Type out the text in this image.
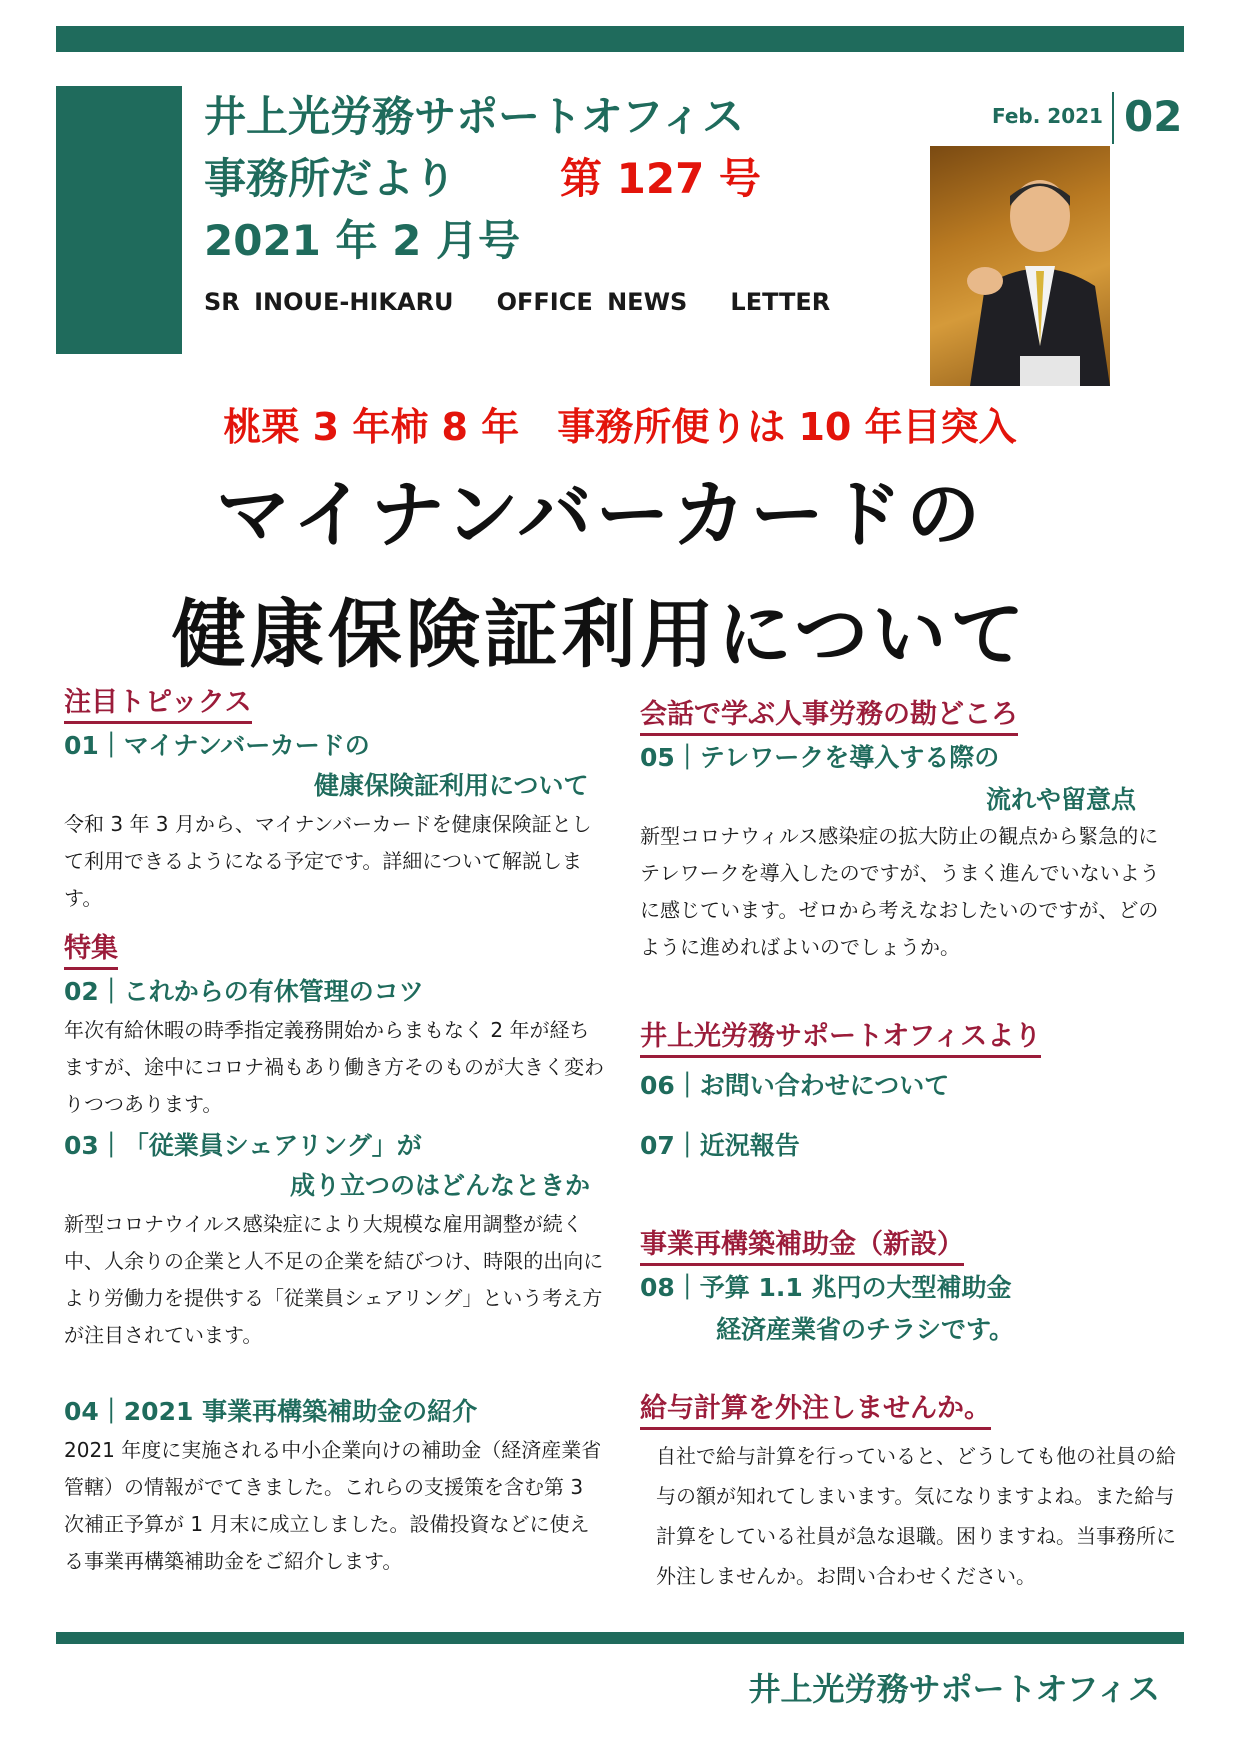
井上光労務サポートオフィス
事務所だより 第 127 号
2021 年 2 月号
SR INOUE-HIKARU   OFFICE NEWS   LETTER
Feb. 2021 02
桃栗 3 年柿 8 年　事務所便りは 10 年目突入
マイナンバーカードの
健康保険証利用について
注目トピックス
01｜マイナンバーカードの
健康保険証利用について
令和 3 年 3 月から、マイナンバーカードを健康保険証として利用できるようになる予定です。詳細について解説します。
特集
02｜これからの有休管理のコツ
年次有給休暇の時季指定義務開始からまもなく 2 年が経ちますが、途中にコロナ禍もあり働き方そのものが大きく変わりつつあります。
03｜「従業員シェアリング」が
成り立つのはどんなときか
新型コロナウイルス感染症により大規模な雇用調整が続く中、人余りの企業と人不足の企業を結びつけ、時限的出向により労働力を提供する「従業員シェアリング」という考え方が注目されています。
04｜2021 事業再構築補助金の紹介
2021 年度に実施される中小企業向けの補助金（経済産業省管轄）の情報がでてきました。これらの支援策を含む第 3 次補正予算が 1 月末に成立しました。設備投資などに使える事業再構築補助金をご紹介します。
会話で学ぶ人事労務の勘どころ
05｜テレワークを導入する際の
流れや留意点
新型コロナウィルス感染症の拡大防止の観点から緊急的にテレワークを導入したのですが、うまく進んでいないように感じています。ゼロから考えなおしたいのですが、どのように進めればよいのでしょうか。
井上光労務サポートオフィスより
06｜お問い合わせについて
07｜近況報告
事業再構築補助金（新設）
08｜予算 1.1 兆円の大型補助金
経済産業省のチラシです。
給与計算を外注しませんか。
自社で給与計算を行っていると、どうしても他の社員の給与の額が知れてしまいます。気になりますよね。また給与計算をしている社員が急な退職。困りますね。当事務所に外注しませんか。お問い合わせください。
井上光労務サポートオフィス
